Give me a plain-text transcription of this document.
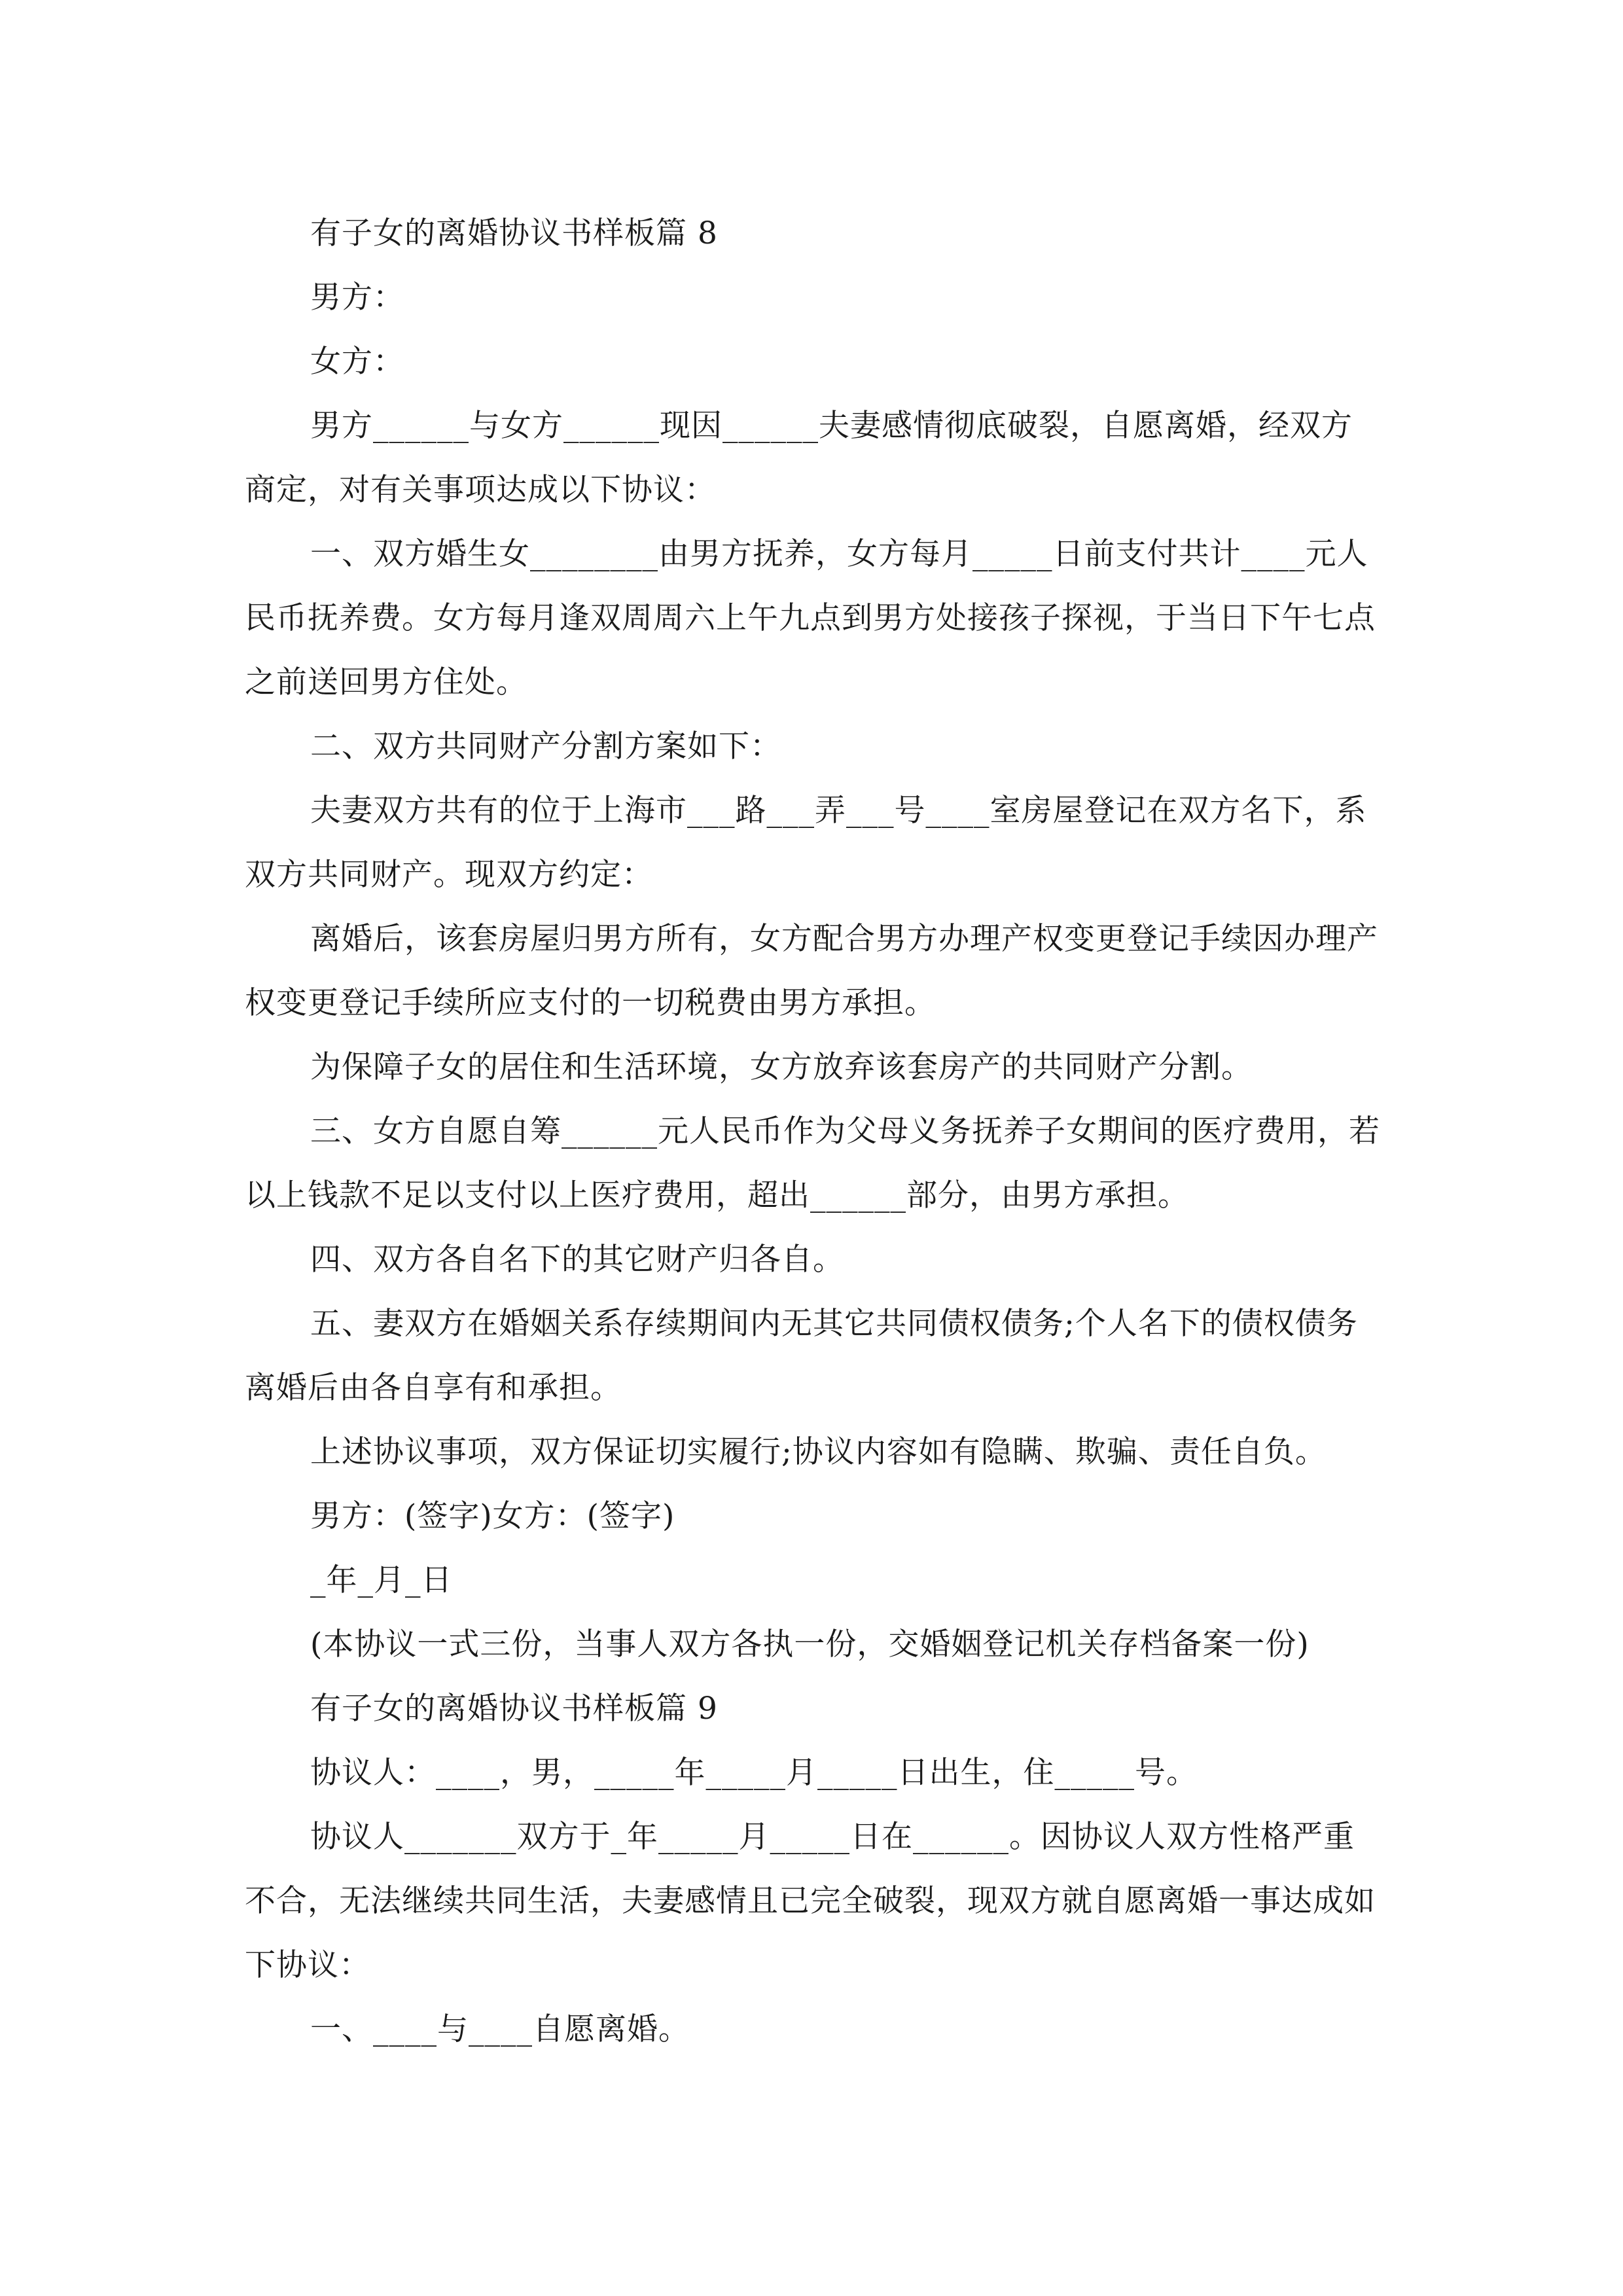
有子女的离婚协议书样板篇 8

男方：

女方：

男方______与女方______现因______夫妻感情彻底破裂，自愿离婚，经双方商定，对有关事项达成以下协议：

一、双方婚生女________由男方抚养，女方每月_____日前支付共计____元人民币抚养费。女方每月逢双周周六上午九点到男方处接孩子探视，于当日下午七点之前送回男方住处。

二、双方共同财产分割方案如下：

夫妻双方共有的位于上海市___路___弄___号____室房屋登记在双方名下，系双方共同财产。现双方约定：

离婚后，该套房屋归男方所有，女方配合男方办理产权变更登记手续因办理产权变更登记手续所应支付的一切税费由男方承担。

为保障子女的居住和生活环境，女方放弃该套房产的共同财产分割。

三、女方自愿自筹______元人民币作为父母义务抚养子女期间的医疗费用，若以上钱款不足以支付以上医疗费用，超出______部分，由男方承担。

四、双方各自名下的其它财产归各自。

五、妻双方在婚姻关系存续期间内无其它共同债权债务;个人名下的债权债务离婚后由各自享有和承担。

上述协议事项，双方保证切实履行;协议内容如有隐瞒、欺骗、责任自负。

男方：(签字)女方：(签字)

_年_月_日

(本协议一式三份，当事人双方各执一份，交婚姻登记机关存档备案一份)

有子女的离婚协议书样板篇 9

协议人：____，男，_____年_____月_____日出生，住_____号。

协议人_______双方于_年_____月_____日在______。因协议人双方性格严重不合，无法继续共同生活，夫妻感情且已完全破裂，现双方就自愿离婚一事达成如下协议：

一、____与____自愿离婚。
